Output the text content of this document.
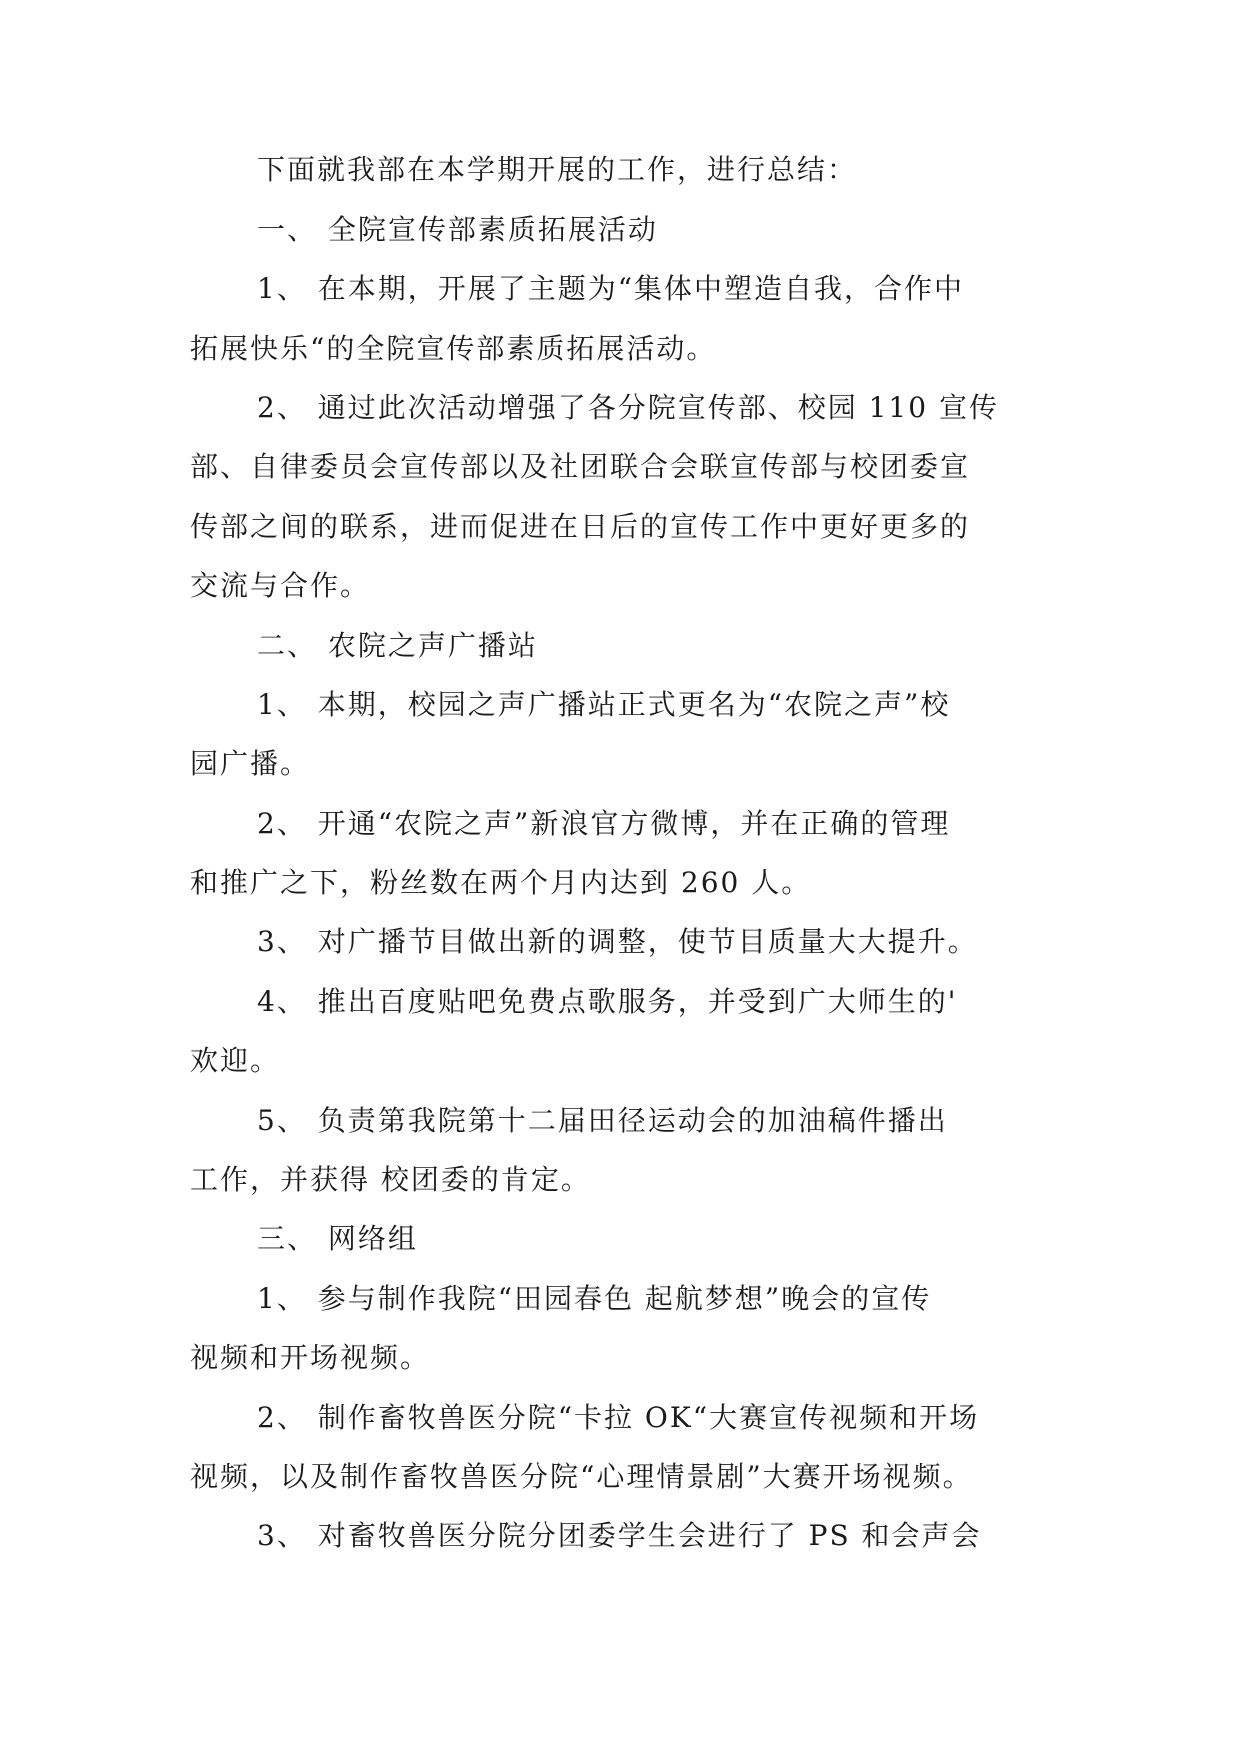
下面就我部在本学期开展的工作，进行总结：
一、 全院宣传部素质拓展活动
1、 在本期，开展了主题为“集体中塑造自我，合作中
拓展快乐“的全院宣传部素质拓展活动。
2、 通过此次活动增强了各分院宣传部、校园 110 宣传
部、自律委员会宣传部以及社团联合会联宣传部与校团委宣
传部之间的联系，进而促进在日后的宣传工作中更好更多的
交流与合作。
二、 农院之声广播站
1、 本期，校园之声广播站正式更名为“农院之声”校
园广播。
2、 开通“农院之声”新浪官方微博，并在正确的管理
和推广之下，粉丝数在两个月内达到 260 人。
3、 对广播节目做出新的调整，使节目质量大大提升。
4、 推出百度贴吧免费点歌服务，并受到广大师生的'
欢迎。
5、 负责第我院第十二届田径运动会的加油稿件播出
工作，并获得 校团委的肯定。
三、 网络组
1、 参与制作我院“田园春色 起航梦想”晚会的宣传
视频和开场视频。
2、 制作畜牧兽医分院“卡拉 OK“大赛宣传视频和开场
视频，以及制作畜牧兽医分院“心理情景剧”大赛开场视频。
3、 对畜牧兽医分院分团委学生会进行了 PS 和会声会
